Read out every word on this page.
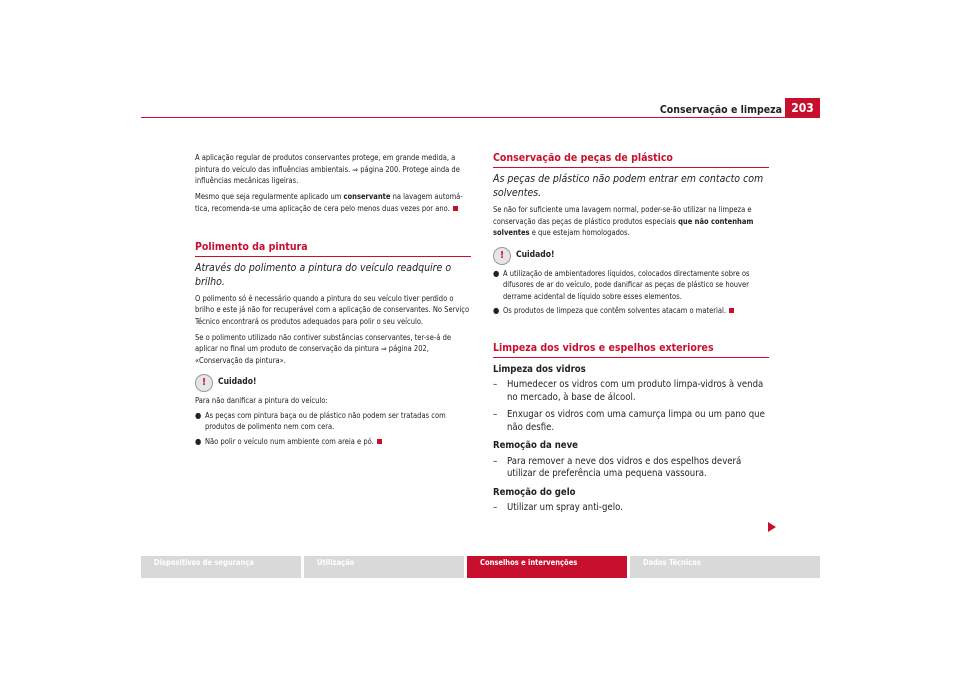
Conservação e limpeza 203

A aplicação regular de produtos conservantes protege, em grande medida, a pintura do veículo das influências ambientais. ⇒ página 200. Protege ainda de influências mecânicas ligeiras.

Mesmo que seja regularmente aplicado um conservante na lavagem automá-tica, recomenda-se uma aplicação de cera pelo menos duas vezes por ano.

Polimento da pintura
Através do polimento a pintura do veículo readquire o brilho.

O polimento só é necessário quando a pintura do seu veículo tiver perdido o brilho e este já não for recuperável com a aplicação de conservantes. No Serviço Técnico encontrará os produtos adequados para polir o seu veículo.

Se o polimento utilizado não contiver substâncias conservantes, ter-se-á de aplicar no final um produto de conservação da pintura ⇒ página 202, «Conservação da pintura».

!	Cuidado!

Para não danificar a pintura do veículo:

● As peças com pintura baça ou de plástico não podem ser tratadas com produtos de polimento nem com cera.

● Não polir o veículo num ambiente com areia e pó.

Conservação de peças de plástico
As peças de plástico não podem entrar em contacto com solventes.

Se não for suficiente uma lavagem normal, poder-se-ão utilizar na limpeza e conservação das peças de plástico produtos especiais que não contenham solventes e que estejam homologados.

!	Cuidado!

● A utilização de ambientadores líquidos, colocados directamente sobre os difusores de ar do veículo, pode danificar as peças de plástico se houver derrame acidental de líquido sobre esses elementos.

● Os produtos de limpeza que contêm solventes atacam o material.

Limpeza dos vidros e espelhos exteriores

Limpeza dos vidros

–	Humedecer os vidros com um produto limpa-vidros à venda no mercado, à base de álcool.
–	Enxugar os vidros com uma camurça limpa ou um pano que não desfie.

Remoção da neve

–	Para remover a neve dos vidros e dos espelhos deverá utilizar de preferência uma pequena vassoura.

Remoção do gelo

–	Utilizar um spray anti-gelo.
Dispositivos de segurança	Utilização	Conselhos e intervenções	Dados Técnicos
